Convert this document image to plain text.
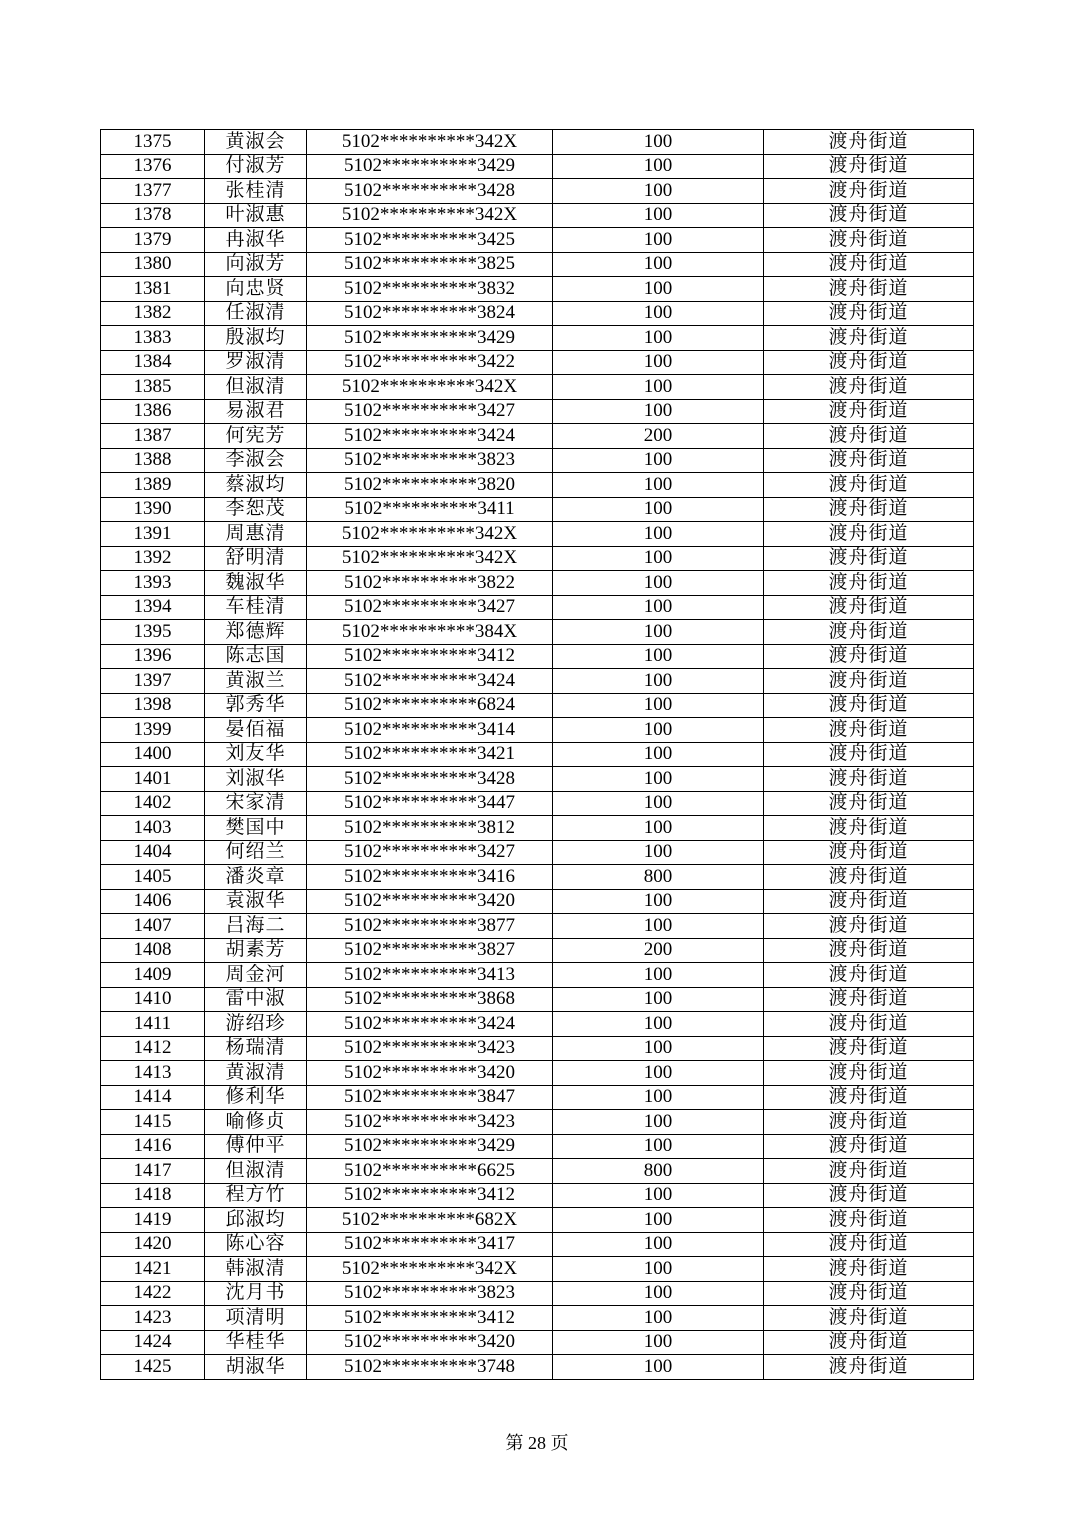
1375	黄淑会	5102**********342X	100	渡舟街道
1376	付淑芳	5102**********3429	100	渡舟街道
1377	张桂清	5102**********3428	100	渡舟街道
1378	叶淑惠	5102**********342X	100	渡舟街道
1379	冉淑华	5102**********3425	100	渡舟街道
1380	向淑芳	5102**********3825	100	渡舟街道
1381	向忠贤	5102**********3832	100	渡舟街道
1382	任淑清	5102**********3824	100	渡舟街道
1383	殷淑均	5102**********3429	100	渡舟街道
1384	罗淑清	5102**********3422	100	渡舟街道
1385	但淑清	5102**********342X	100	渡舟街道
1386	易淑君	5102**********3427	100	渡舟街道
1387	何宪芳	5102**********3424	200	渡舟街道
1388	李淑会	5102**********3823	100	渡舟街道
1389	蔡淑均	5102**********3820	100	渡舟街道
1390	李恕茂	5102**********3411	100	渡舟街道
1391	周惠清	5102**********342X	100	渡舟街道
1392	舒明清	5102**********342X	100	渡舟街道
1393	魏淑华	5102**********3822	100	渡舟街道
1394	车桂清	5102**********3427	100	渡舟街道
1395	郑德辉	5102**********384X	100	渡舟街道
1396	陈志国	5102**********3412	100	渡舟街道
1397	黄淑兰	5102**********3424	100	渡舟街道
1398	郭秀华	5102**********6824	100	渡舟街道
1399	晏佰福	5102**********3414	100	渡舟街道
1400	刘友华	5102**********3421	100	渡舟街道
1401	刘淑华	5102**********3428	100	渡舟街道
1402	宋家清	5102**********3447	100	渡舟街道
1403	樊国中	5102**********3812	100	渡舟街道
1404	何绍兰	5102**********3427	100	渡舟街道
1405	潘炎章	5102**********3416	800	渡舟街道
1406	袁淑华	5102**********3420	100	渡舟街道
1407	吕海二	5102**********3877	100	渡舟街道
1408	胡素芳	5102**********3827	200	渡舟街道
1409	周金河	5102**********3413	100	渡舟街道
1410	雷中淑	5102**********3868	100	渡舟街道
1411	游绍珍	5102**********3424	100	渡舟街道
1412	杨瑞清	5102**********3423	100	渡舟街道
1413	黄淑清	5102**********3420	100	渡舟街道
1414	修利华	5102**********3847	100	渡舟街道
1415	喻修贞	5102**********3423	100	渡舟街道
1416	傅仲平	5102**********3429	100	渡舟街道
1417	但淑清	5102**********6625	800	渡舟街道
1418	程方竹	5102**********3412	100	渡舟街道
1419	邱淑均	5102**********682X	100	渡舟街道
1420	陈心容	5102**********3417	100	渡舟街道
1421	韩淑清	5102**********342X	100	渡舟街道
1422	沈月书	5102**********3823	100	渡舟街道
1423	项清明	5102**********3412	100	渡舟街道
1424	华桂华	5102**********3420	100	渡舟街道
1425	胡淑华	5102**********3748	100	渡舟街道
第 28 页
